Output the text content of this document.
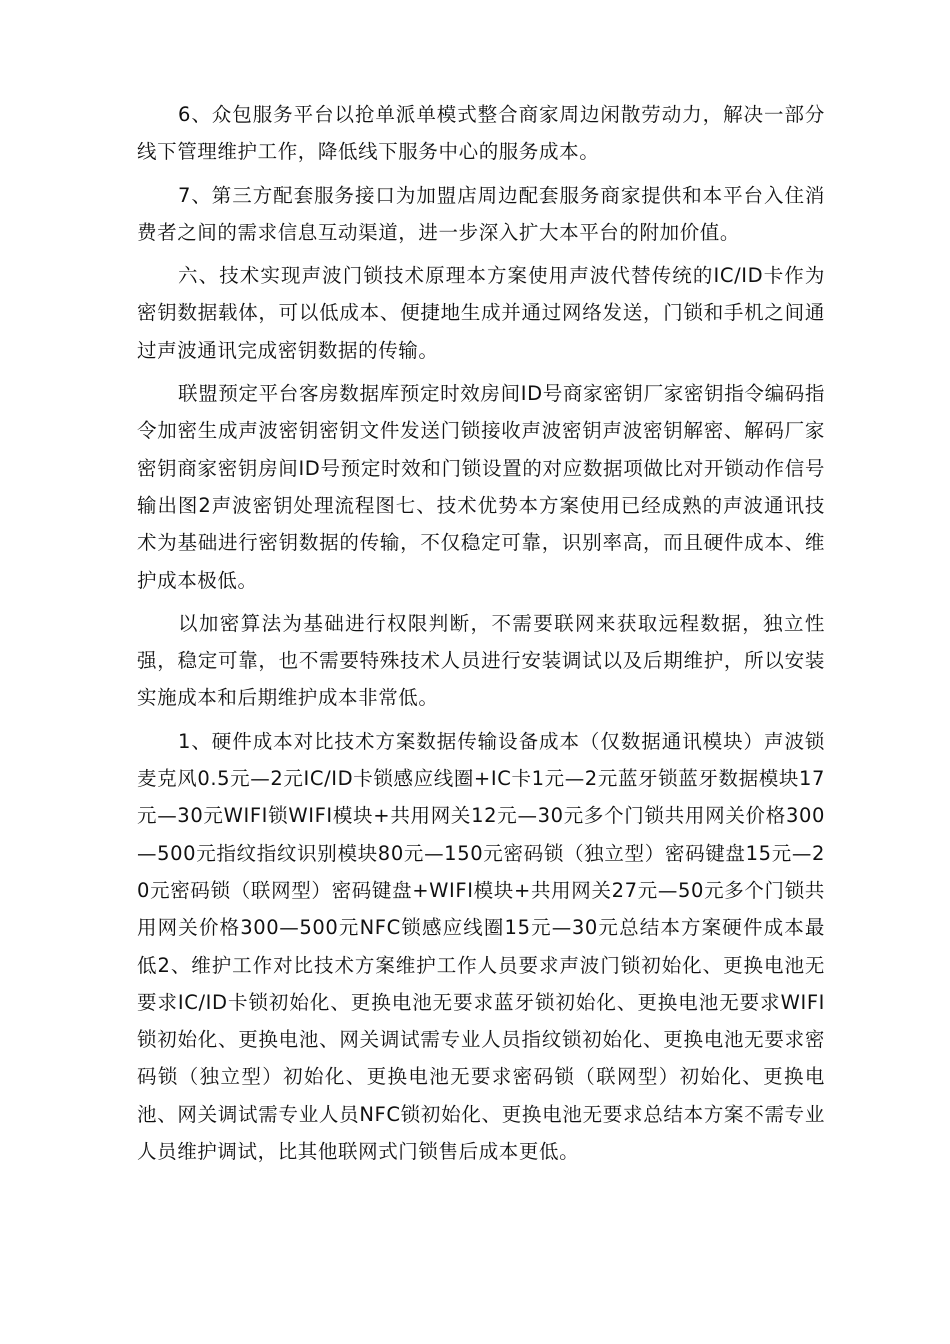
6、众包服务平台以抢单派单模式整合商家周边闲散劳动力，解决一部分线下管理维护工作，降低线下服务中心的服务成本。

7、第三方配套服务接口为加盟店周边配套服务商家提供和本平台入住消费者之间的需求信息互动渠道，进一步深入扩大本平台的附加价值。

六、技术实现声波门锁技术原理本方案使用声波代替传统的IC/ID卡作为密钥数据载体，可以低成本、便捷地生成并通过网络发送，门锁和手机之间通过声波通讯完成密钥数据的传输。

联盟预定平台客房数据库预定时效房间ID号商家密钥厂家密钥指令编码指令加密生成声波密钥密钥文件发送门锁接收声波密钥声波密钥解密、解码厂家密钥商家密钥房间ID号预定时效和门锁设置的对应数据项做比对开锁动作信号输出图2声波密钥处理流程图七、技术优势本方案使用已经成熟的声波通讯技术为基础进行密钥数据的传输，不仅稳定可靠，识别率高，而且硬件成本、维护成本极低。

以加密算法为基础进行权限判断，不需要联网来获取远程数据，独立性强，稳定可靠，也不需要特殊技术人员进行安装调试以及后期维护，所以安装实施成本和后期维护成本非常低。

1、硬件成本对比技术方案数据传输设备成本（仅数据通讯模块）声波锁麦克风0.5元—2元IC/ID卡锁感应线圈+IC卡1元—2元蓝牙锁蓝牙数据模块17元—30元WIFI锁WIFI模块+共用网关12元—30元多个门锁共用网关价格300—500元指纹指纹识别模块80元—150元密码锁（独立型）密码键盘15元—20元密码锁（联网型）密码键盘+WIFI模块+共用网关27元—50元多个门锁共用网关价格300—500元NFC锁感应线圈15元—30元总结本方案硬件成本最低2、维护工作对比技术方案维护工作人员要求声波门锁初始化、更换电池无要求IC/ID卡锁初始化、更换电池无要求蓝牙锁初始化、更换电池无要求WIFI锁初始化、更换电池、网关调试需专业人员指纹锁初始化、更换电池无要求密码锁（独立型）初始化、更换电池无要求密码锁（联网型）初始化、更换电池、网关调试需专业人员NFC锁初始化、更换电池无要求总结本方案不需专业人员维护调试，比其他联网式门锁售后成本更低。
